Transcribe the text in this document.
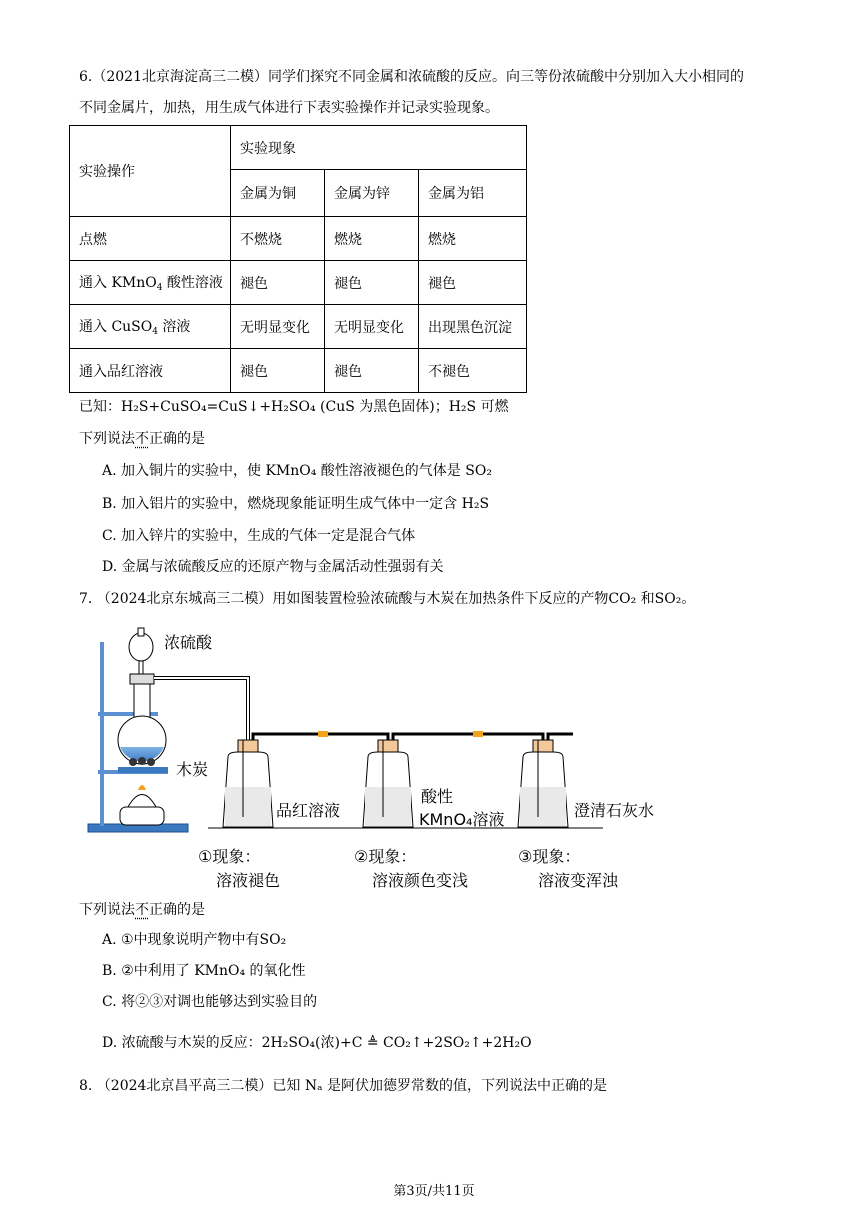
6.（2021北京海淀高三二模）同学们探究不同金属和浓硫酸的反应。向三等份浓硫酸中分别加入大小相同的
不同金属片，加热，用生成气体进行下表实验操作并记录实验现象。
实验操作	实验现象		
	金属为铜	金属为锌	金属为铝
点燃	不燃烧	燃烧	燃烧
通入 KMnO$_4$ 酸性溶液	褪色	褪色	褪色
通入 CuSO$_4$ 溶液	无明显变化	无明显变化	出现黑色沉淀
通入品红溶液	褪色	褪色	不褪色
已知：H₂S+CuSO₄=CuS↓+H₂SO₄ (CuS 为黑色固体)；H₂S 可燃
下列说法不正确的是
A. 加入铜片的实验中，使 KMnO₄ 酸性溶液褪色的气体是 SO₂
B. 加入铝片的实验中，燃烧现象能证明生成气体中一定含 H₂S
C. 加入锌片的实验中，生成的气体一定是混合气体
D. 金属与浓硫酸反应的还原产物与金属活动性强弱有关
7. （2024北京东城高三二模）用如图装置检验浓硫酸与木炭在加热条件下反应的产物CO₂ 和SO₂。
浓硫酸
木炭
品红溶液
酸性
KMnO₄溶液	澄清石灰水
①现象：
溶液褪色
②现象：
溶液颜色变浅
③现象：
溶液变浑浊
下列说法不正确的是
A. ①中现象说明产物中有SO₂
B. ②中利用了 KMnO₄ 的氧化性
C. 将②③对调也能够达到实验目的
D. 浓硫酸与木炭的反应：2H₂SO₄(浓)+C ≜ CO₂↑+2SO₂↑+2H₂O
8. （2024北京昌平高三二模）已知 Nₐ 是阿伏加德罗常数的值，下列说法中正确的是
第3页/共11页
